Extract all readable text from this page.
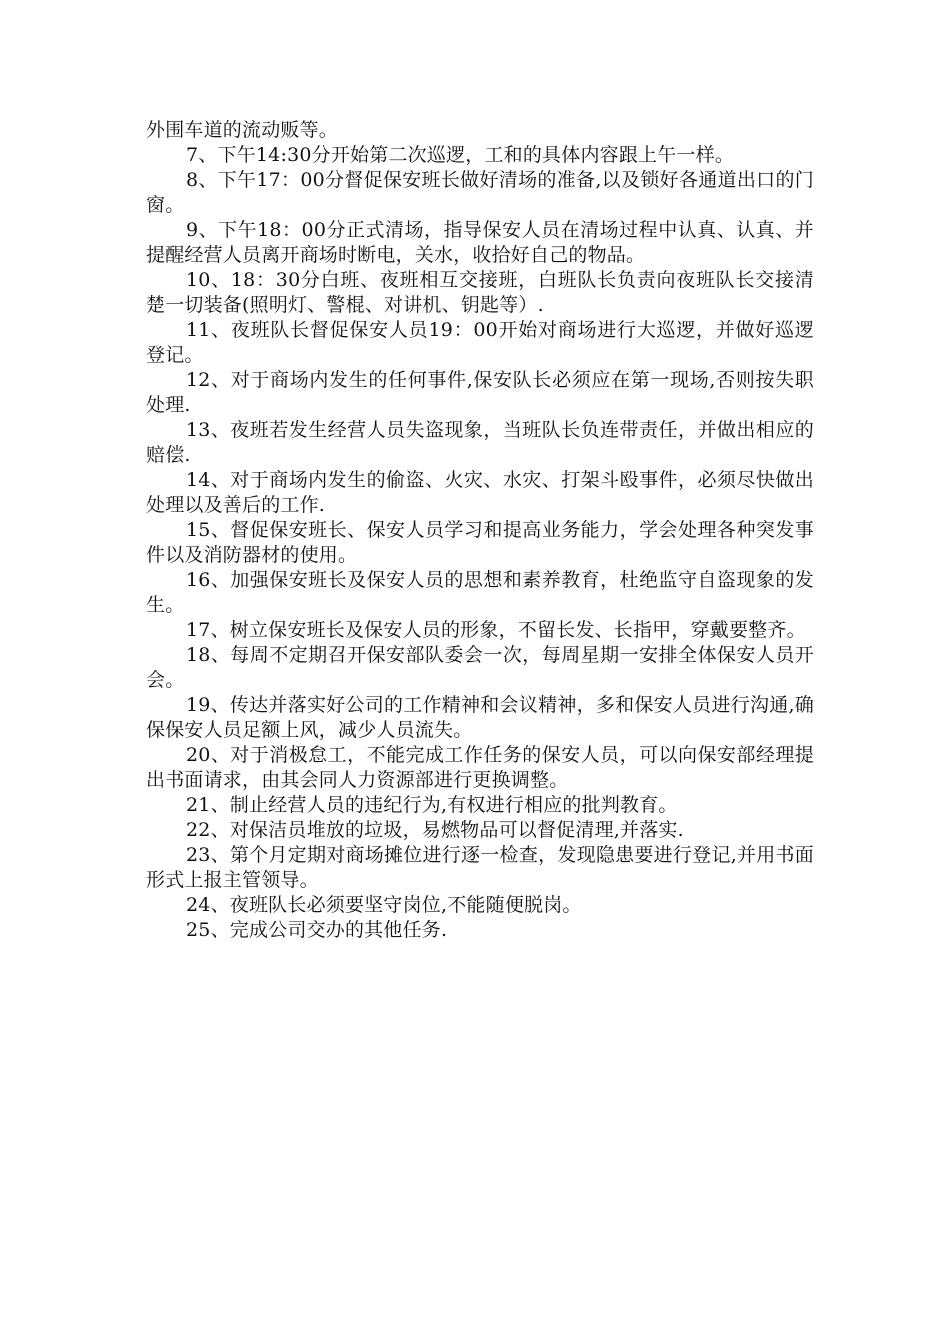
外围车道的流动贩等。

7、下午14:30分开始第二次巡逻，工和的具体内容跟上午一样。

8、下午17：00分督促保安班长做好清场的准备,以及锁好各通道出口的门窗。

9、下午18：00分正式清场，指导保安人员在清场过程中认真、认真、并提醒经营人员离开商场时断电，关水，收拾好自己的物品。

10、18：30分白班、夜班相互交接班，白班队长负责向夜班队长交接清楚一切装备(照明灯、警棍、对讲机、钥匙等）.

11、夜班队长督促保安人员19：00开始对商场进行大巡逻，并做好巡逻登记。

12、对于商场内发生的任何事件,保安队长必须应在第一现场,否则按失职处理.

13、夜班若发生经营人员失盗现象，当班队长负连带责任，并做出相应的赔偿.

14、对于商场内发生的偷盗、火灾、水灾、打架斗殴事件，必须尽快做出处理以及善后的工作.

15、督促保安班长、保安人员学习和提高业务能力，学会处理各种突发事件以及消防器材的使用。

16、加强保安班长及保安人员的思想和素养教育，杜绝监守自盗现象的发生。

17、树立保安班长及保安人员的形象，不留长发、长指甲，穿戴要整齐。

18、每周不定期召开保安部队委会一次，每周星期一安排全体保安人员开会。

19、传达并落实好公司的工作精神和会议精神，多和保安人员进行沟通,确保保安人员足额上风，减少人员流失。

20、对于消极怠工，不能完成工作任务的保安人员，可以向保安部经理提出书面请求，由其会同人力资源部进行更换调整。

21、制止经营人员的违纪行为,有权进行相应的批判教育。

22、对保洁员堆放的垃圾，易燃物品可以督促清理,并落实.

23、第个月定期对商场摊位进行逐一检查，发现隐患要进行登记,并用书面形式上报主管领导。

24、夜班队长必须要坚守岗位,不能随便脱岗。

25、完成公司交办的其他任务.
